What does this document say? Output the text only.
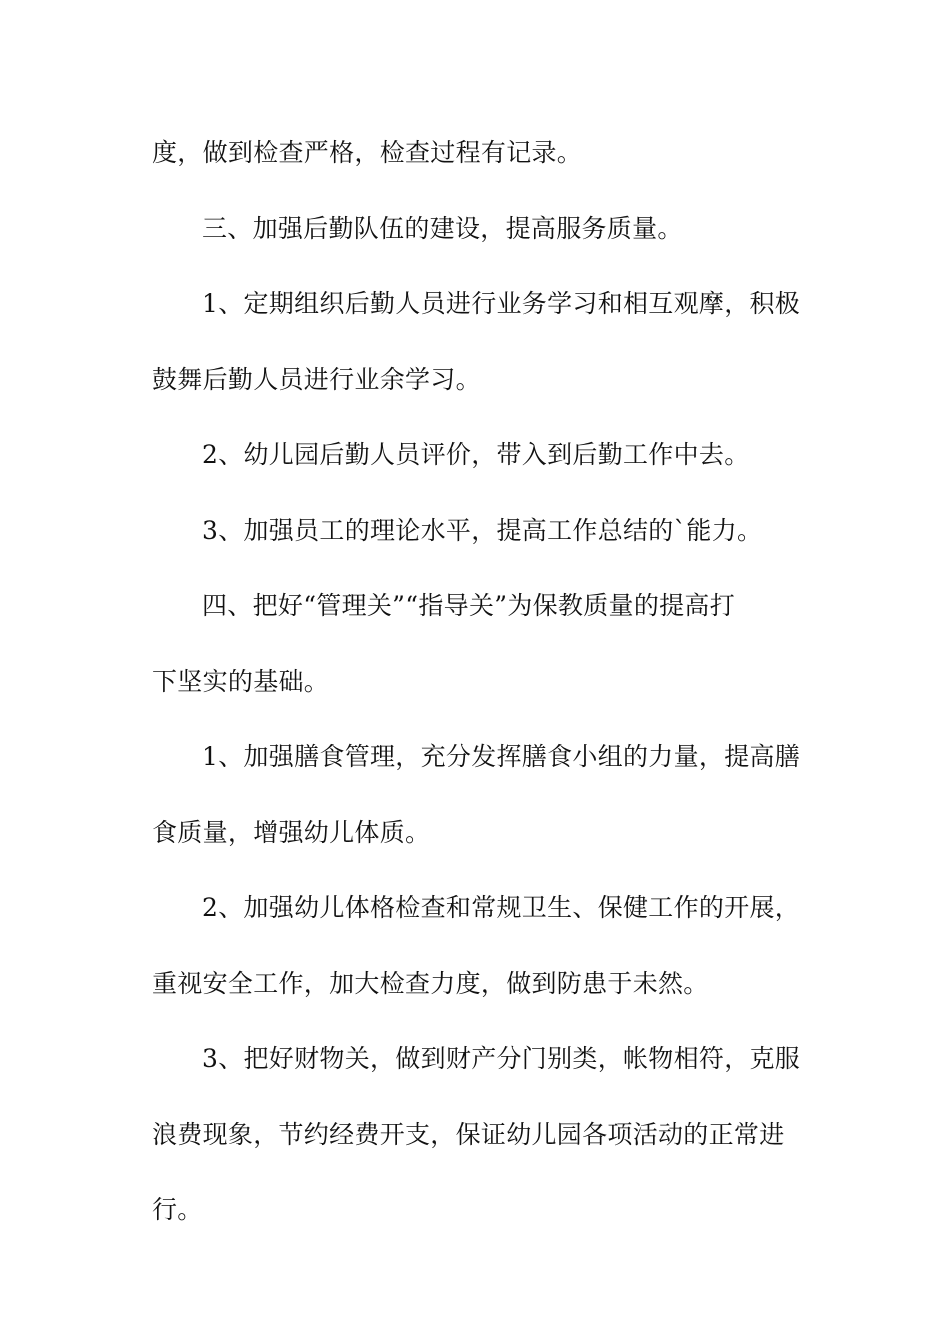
度，做到检查严格，检查过程有记录。
三、加强后勤队伍的建设，提高服务质量。
1、定期组织后勤人员进行业务学习和相互观摩，积极
鼓舞后勤人员进行业余学习。
2、幼儿园后勤人员评价，带入到后勤工作中去。
3、加强员工的理论水平，提高工作总结的`能力。
四、把好“管理关”“指导关”为保教质量的提高打
下坚实的基础。
1、加强膳食管理，充分发挥膳食小组的力量，提高膳
食质量，增强幼儿体质。
2、加强幼儿体格检查和常规卫生、保健工作的开展，
重视安全工作，加大检查力度，做到防患于未然。
3、把好财物关，做到财产分门别类，帐物相符，克服
浪费现象，节约经费开支，保证幼儿园各项活动的正常进
行。
